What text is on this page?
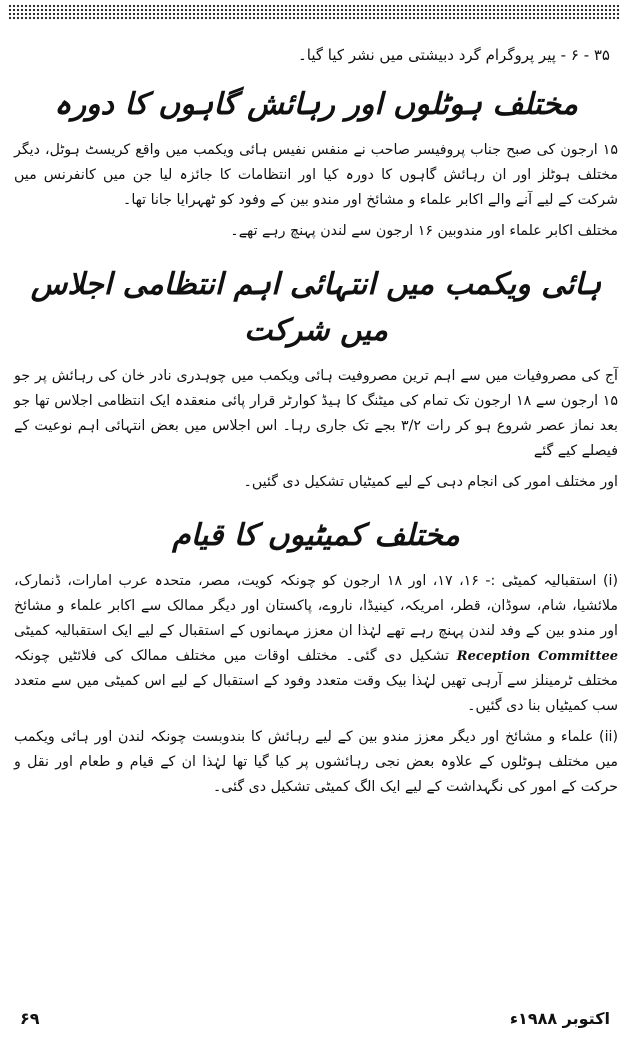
۳۵ - ۶ - پیر پروگرام گرد دبیشتی میں نشر کیا گیا۔

مختلف ہوٹلوں اور رہائش گاہوں کا دورہ

۱۵ ارجون کی صبح جناب پروفیسر صاحب نے منفس نفیس ہائی ویکمب میں واقع کریسٹ ہوٹل، دیگر مختلف ہوٹلز اور ان رہائش گاہوں کا دورہ کیا اور انتظامات کا جائزہ لیا جن میں کانفرنس میں شرکت کے لیے آنے والے اکابر علماء و مشائخ اور مندو بین کے وفود کو ٹھہرایا جانا تھا۔

مختلف اکابر علماء اور مندوبین ۱۶ ارجون سے لندن پہنچ رہے تھے۔

ہائی ویکمب میں انتہائی اہم انتظامی اجلاس میں شرکت

آج کی مصروفیات میں سے اہم ترین مصروفیت ہائی ویکمب میں چوہدری نادر خان کی رہائش پر جو ۱۵ ارجون سے ۱۸ ارجون تک تمام کی میٹنگ کا ہیڈ کوارٹر قرار پائی منعقدہ ایک انتظامی اجلاس تھا جو بعد نماز عصر شروع ہو کر رات ۳/۲ بجے تک جاری رہا۔ اس اجلاس میں بعض انتہائی اہم نوعیت کے فیصلے کیے گئے

اور مختلف امور کی انجام دہی کے لیے کمیٹیاں تشکیل دی گئیں۔

مختلف کمیٹیوں کا قیام

(i) استقبالیہ کمیٹی :- ۱۶، ۱۷، اور ۱۸ ارجون کو چونکہ کویت، مصر، متحدہ عرب امارات، ڈنمارک، ملائشیا، شام، سوڈان، قطر، امریکہ، کینیڈا، ناروے، پاکستان اور دیگر ممالک سے اکابر علماء و مشائخ اور مندو بین کے وفد لندن پہنچ رہے تھے لہٰذا ان معزز مہمانوں کے استقبال کے لیے ایک استقبالیہ کمیٹی Reception Committee تشکیل دی گئی۔ مختلف اوقات میں مختلف ممالک کی فلائٹیں چونکہ مختلف ٹرمینلز سے آرہی تھیں لہٰذا بیک وقت متعدد وفود کے استقبال کے لیے اس کمیٹی میں سے متعدد سب کمیٹیاں بنا دی گئیں۔

(ii) علماء و مشائخ اور دیگر معزز مندو بین کے لیے رہائش کا بندوبست چونکہ لندن اور ہائی ویکمب میں مختلف ہوٹلوں کے علاوہ بعض نجی رہائشوں پر کیا گیا تھا لہٰذا ان کے قیام و طعام اور نقل و حرکت کے امور کی نگہداشت کے لیے ایک الگ کمیٹی تشکیل دی گئی۔

۶۹	اکتوبر ۱۹۸۸ء
